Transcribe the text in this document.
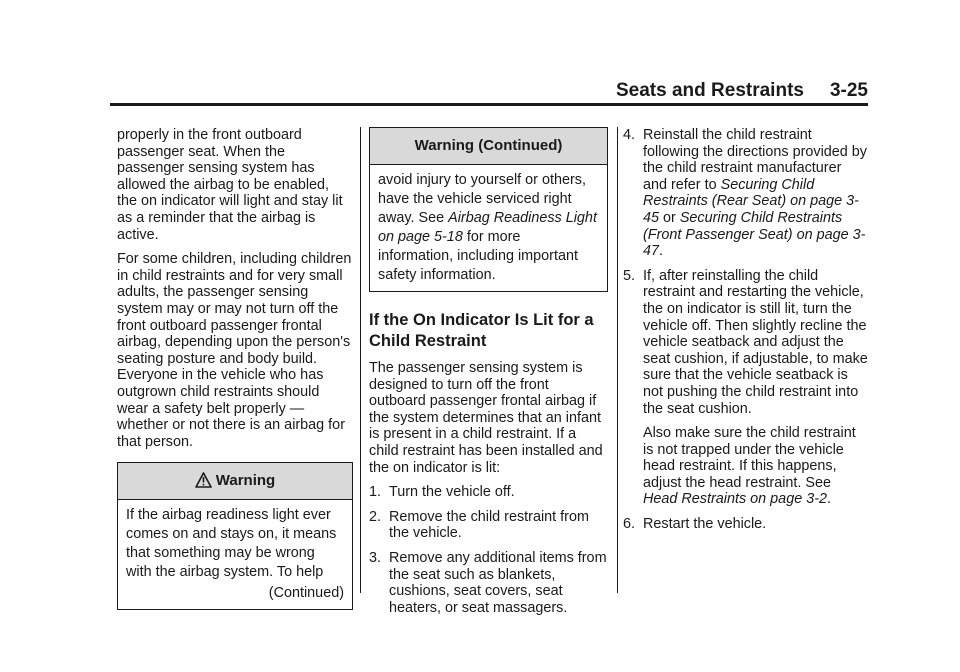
Seats and Restraints 3-25

properly in the front outboard passenger seat. When the passenger sensing system has allowed the airbag to be enabled, the on indicator will light and stay lit as a reminder that the airbag is active.

For some children, including children in child restraints and for very small adults, the passenger sensing system may or may not turn off the front outboard passenger frontal airbag, depending upon the person's seating posture and body build. Everyone in the vehicle who has outgrown child restraints should wear a safety belt properly — whether or not there is an airbag for that person.

Warning
If the airbag readiness light ever comes on and stays on, it means that something may be wrong with the airbag system. To help
(Continued)
Warning (Continued)
avoid injury to yourself or others, have the vehicle serviced right away. See Airbag Readiness Light on page 5-18 for more information, including important safety information.
If the On Indicator Is Lit for a Child Restraint

The passenger sensing system is designed to turn off the front outboard passenger frontal airbag if the system determines that an infant is present in a child restraint. If a child restraint has been installed and the on indicator is lit:

1. Turn the vehicle off.
2. Remove the child restraint from the vehicle.
3. Remove any additional items from the seat such as blankets, cushions, seat covers, seat heaters, or seat massagers.
4. Reinstall the child restraint following the directions provided by the child restraint manufacturer and refer to Securing Child Restraints (Rear Seat) on page 3-45 or Securing Child Restraints (Front Passenger Seat) on page 3-47.
5. If, after reinstalling the child restraint and restarting the vehicle, the on indicator is still lit, turn the vehicle off. Then slightly recline the vehicle seatback and adjust the seat cushion, if adjustable, to make sure that the vehicle seatback is not pushing the child restraint into the seat cushion.
Also make sure the child restraint is not trapped under the vehicle head restraint. If this happens, adjust the head restraint. See Head Restraints on page 3-2.
6. Restart the vehicle.
